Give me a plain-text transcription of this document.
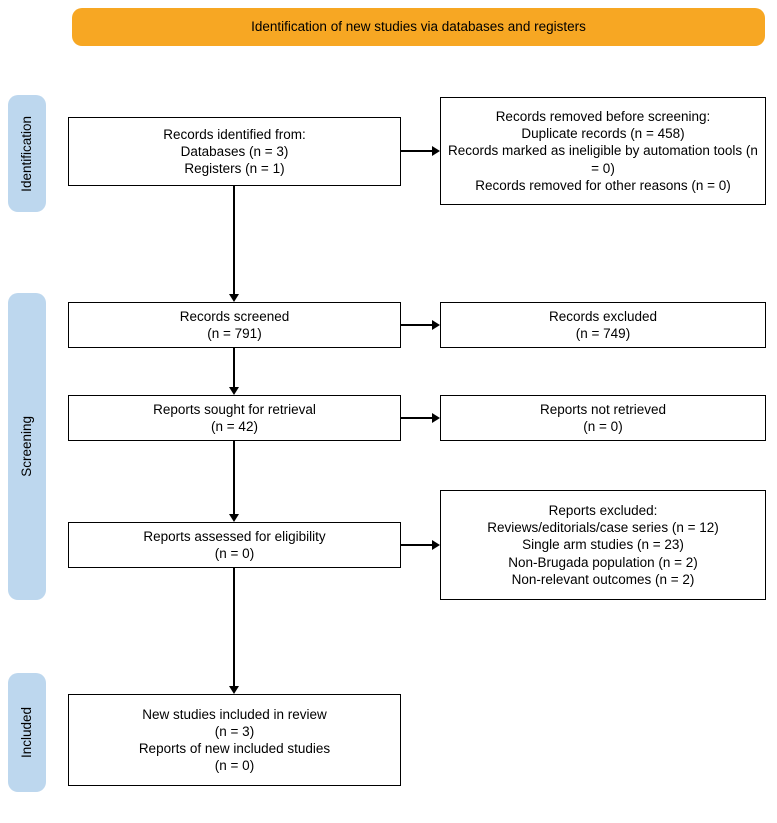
Identification of new studies via databases and registers
Identification
Screening
Included
Records identified from:
Databases (n = 3)
Registers (n = 1)
Records screened
(n = 791)
Reports sought for retrieval
(n = 42)
Reports assessed for eligibility
(n = 0)
New studies included in review
(n = 3)
Reports of new included studies
(n = 0)
Records removed before screening:
Duplicate records (n = 458)
Records marked as ineligible by automation tools (n = 0)
Records removed for other reasons (n = 0)
Records excluded
(n = 749)
Reports not retrieved
(n = 0)
Reports excluded:
Reviews/editorials/case series (n = 12)
Single arm studies (n = 23)
Non-Brugada population (n = 2)
Non-relevant outcomes (n = 2)
